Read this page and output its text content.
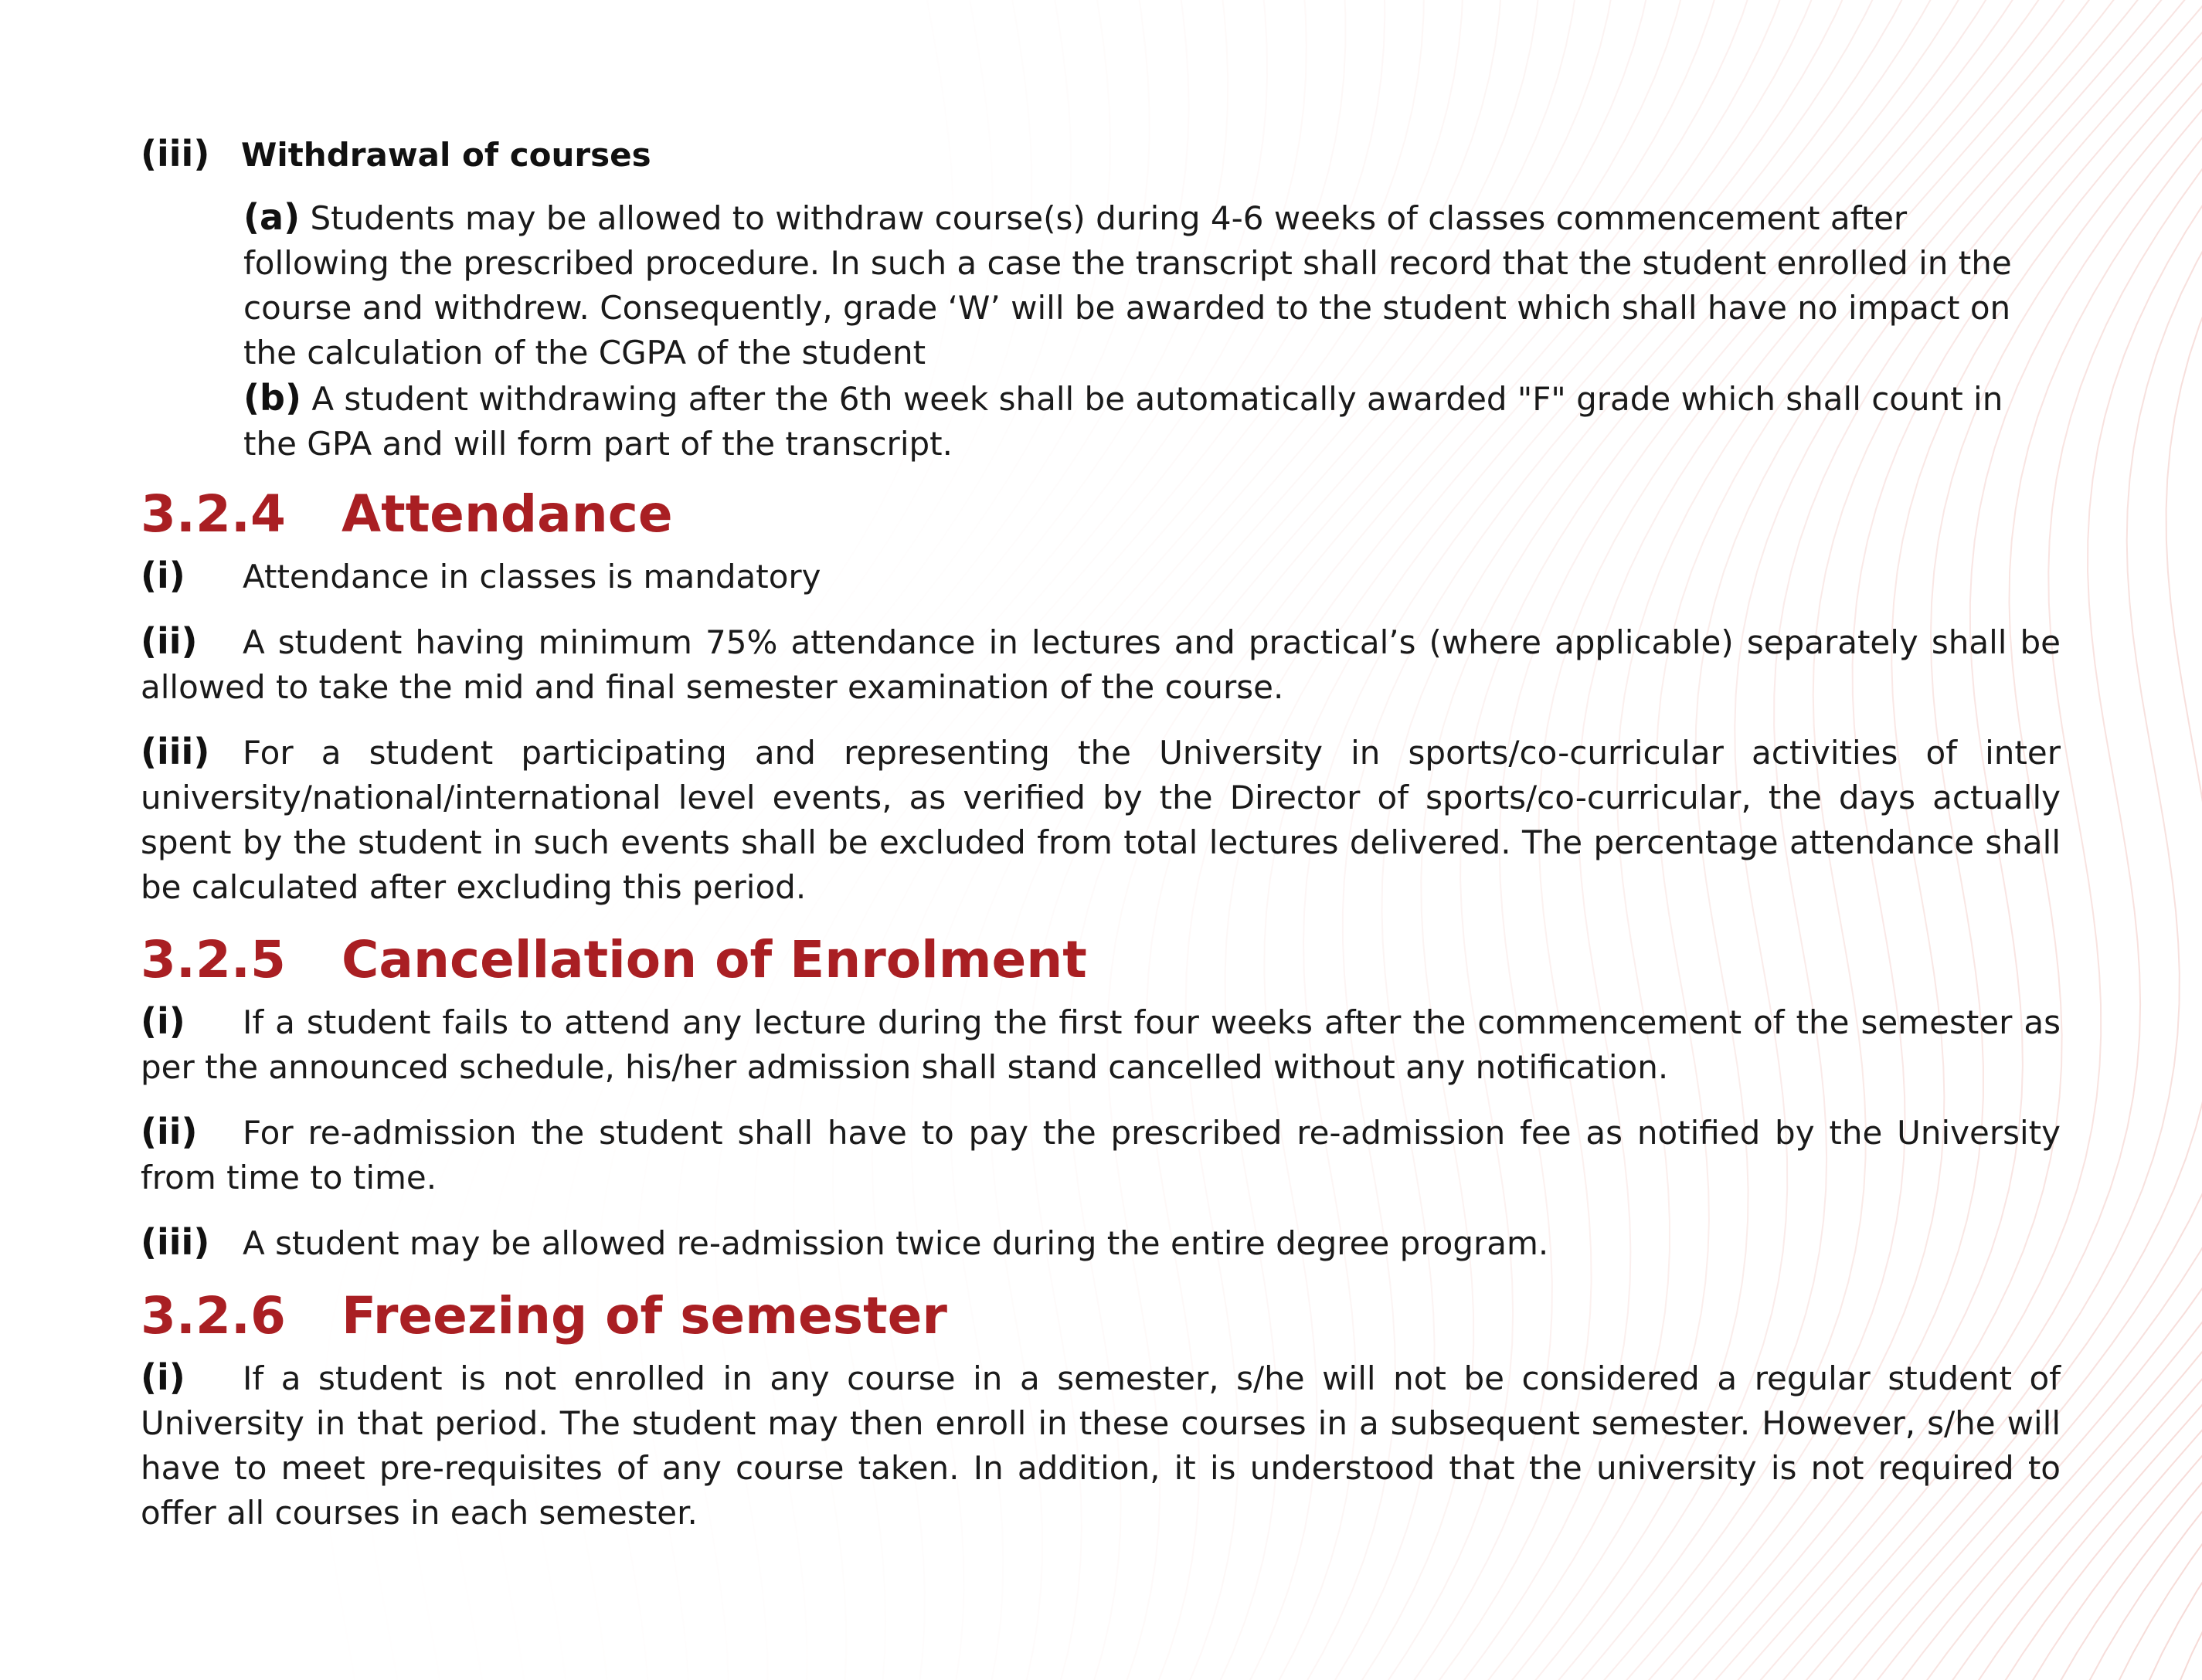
(iii) Withdrawal of courses

(a) Students may be allowed to withdraw course(s) during 4-6 weeks of classes commencement after following the prescribed procedure. In such a case the transcript shall record that the student enrolled in the course and withdrew. Consequently, grade ‘W’ will be awarded to the student which shall have no impact on the calculation of the CGPA of the student

(b) A student withdrawing after the 6th week shall be automatically awarded "F" grade which shall count in the GPA and will form part of the transcript.

3.2.4	Attendance

(i) Attendance in classes is mandatory

(ii) A student having minimum 75% attendance in lectures and practical’s (where applicable) separately shall be allowed to take the mid and final semester examination of the course.

(iii) For a student participating and representing the University in sports/co-curricular activities of inter university/national/international level events, as verified by the Director of sports/co-curricular, the days actually spent by the student in such events shall be excluded from total lectures delivered. The percentage attendance shall be calculated after excluding this period.

3.2.5	Cancellation of Enrolment

(i) If a student fails to attend any lecture during the first four weeks after the commencement of the semester as per the announced schedule, his/her admission shall stand cancelled without any notification.

(ii) For re-admission the student shall have to pay the prescribed re-admission fee as notified by the University from time to time.

(iii) A student may be allowed re-admission twice during the entire degree program.

3.2.6	Freezing of semester

(i) If a student is not enrolled in any course in a semester, s/he will not be considered a regular student of University in that period. The student may then enroll in these courses in a subsequent semester. However, s/he will have to meet pre-requisites of any course taken. In addition, it is understood that the university is not required to offer all courses in each semester.
